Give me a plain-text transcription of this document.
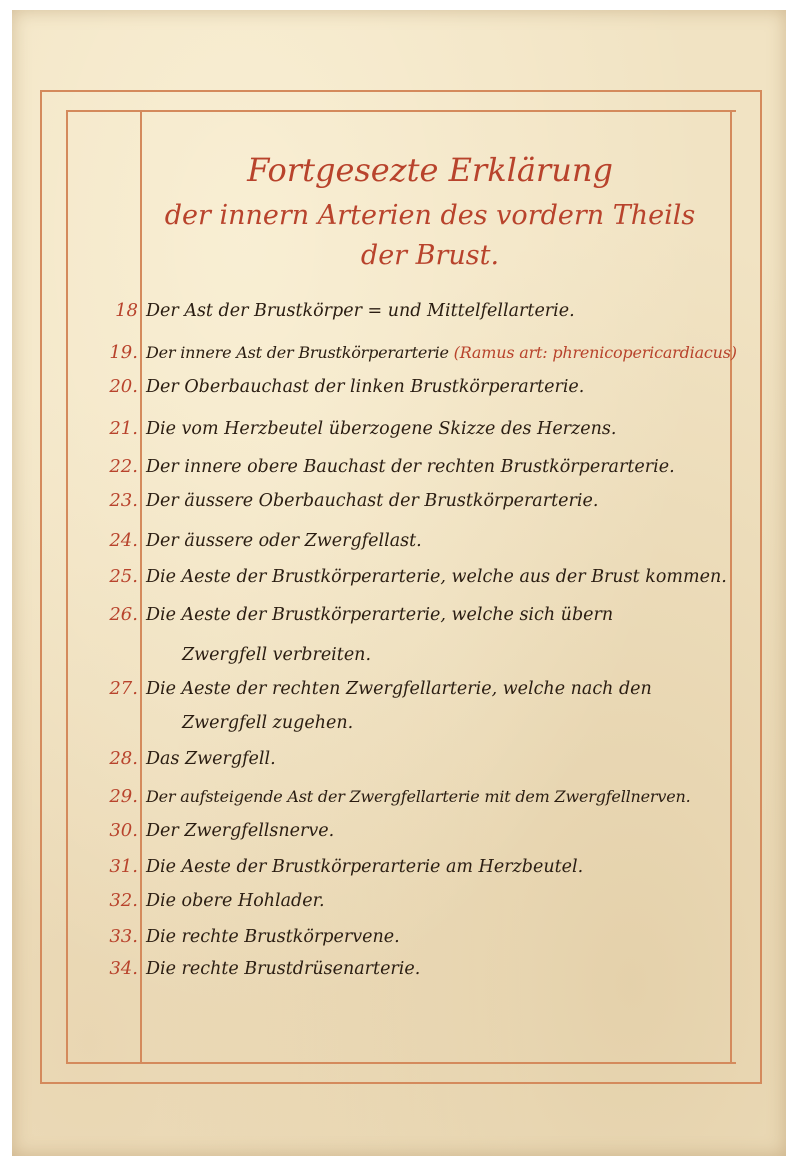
Fortgesezte Erklärung
der innern Arterien des vordern Theils
der Brust.
18 Der Ast der Brustkörper = und Mittelfellarterie.
19. Der innere Ast der Brustkörperarterie (Ramus art: phrenicopericardiacus)
20. Der Oberbauchast der linken Brustkörperarterie.
21. Die vom Herzbeutel überzogene Skizze des Herzens.
22. Der innere obere Bauchast der rechten Brustkörperarterie.
23. Der äussere Oberbauchast der Brustkörperarterie.
24. Der äussere oder Zwergfellast.
25. Die Aeste der Brustkörperarterie, welche aus der Brust kommen.
26. Die Aeste der Brustkörperarterie, welche sich übern
Zwergfell verbreiten.
27. Die Aeste der rechten Zwergfellarterie, welche nach den
Zwergfell zugehen.
28. Das Zwergfell.
29. Der aufsteigende Ast der Zwergfellarterie mit dem Zwergfellnerven.
30. Der Zwergfellsnerve.
31. Die Aeste der Brustkörperarterie am Herzbeutel.
32. Die obere Hohlader.
33. Die rechte Brustkörpervene.
34. Die rechte Brustdrüsenarterie.
